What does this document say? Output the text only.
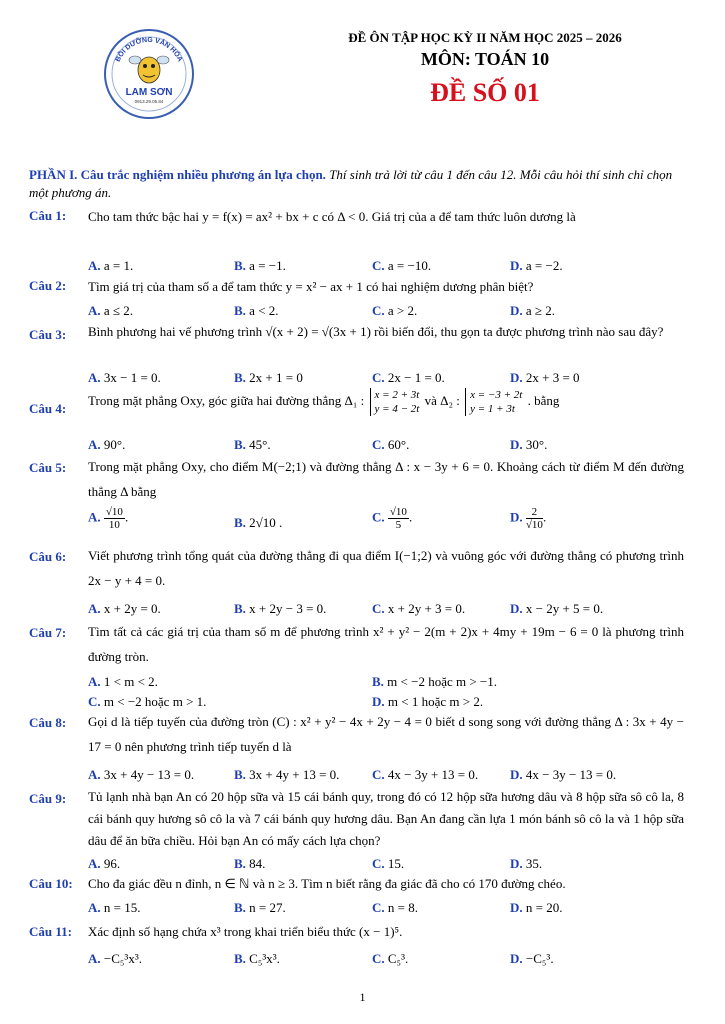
BỒI DƯỠNG VĂN HÓA
LAM SƠN
0913.29.05.84
ĐỀ ÔN TẬP HỌC KỲ II NĂM HỌC 2025 – 2026
MÔN: TOÁN 10
ĐỀ SỐ 01
PHẦN I. Câu trắc nghiệm nhiều phương án lựa chọn. Thí sinh trả lời từ câu 1 đến câu 12. Mỗi câu hỏi thí sinh chỉ chọn một phương án.
Câu 1: Cho tam thức bậc hai y = f(x) = ax² + bx + c có Δ < 0. Giá trị của a để tam thức luôn dương là
A. a = 1.	B. a = −1.	C. a = −10.	D. a = −2.
Câu 2: Tìm giá trị của tham số a để tam thức y = x² − ax + 1 có hai nghiệm dương phân biệt?
A. a ≤ 2.	B. a < 2.	C. a > 2.	D. a ≥ 2.
Câu 3: Bình phương hai vế phương trình √(x + 2) = √(3x + 1) rồi biến đổi, thu gọn ta được phương trình nào sau đây?
A. 3x − 1 = 0.	B. 2x + 1 = 0	C. 2x − 1 = 0.	D. 2x + 3 = 0
Câu 4:
Trong mặt phẳng Oxy, góc giữa hai đường thẳng Δ₁ : x = 2 + 3t
y = 4 − 2t
và Δ₂ : x = −3 + 2t
y = 1 + 3t
. bằng
A. 90°.	B. 45°.	C. 60°.	D. 30°.
Câu 5: Trong mặt phẳng Oxy, cho điểm M(−2;1) và đường thẳng Δ : x − 3y + 6 = 0. Khoảng cách từ điểm M đến đường thẳng Δ bằng
A. $\frac{√10}{10}$ .	B. 2√10 .	C. $\frac{√10}{5}$ .	D. $\frac{2}{√10}$ .
Câu 6: Viết phương trình tổng quát của đường thẳng đi qua điểm I(−1;2) và vuông góc với đường thẳng có phương trình 2x − y + 4 = 0.
A. x + 2y = 0.	B. x + 2y − 3 = 0.	C. x + 2y + 3 = 0.	D. x − 2y + 5 = 0.
Câu 7: Tìm tất cả các giá trị của tham số m để phương trình x² + y² − 2(m + 2)x + 4my + 19m − 6 = 0 là phương trình đường tròn.
A. 1 < m < 2.	B. m < −2 hoặc m > −1.
C. m < −2 hoặc m > 1.	D. m < 1 hoặc m > 2.
Câu 8: Gọi d là tiếp tuyến của đường tròn (C) : x² + y² − 4x + 2y − 4 = 0 biết d song song với đường thẳng Δ : 3x + 4y − 17 = 0 nên phương trình tiếp tuyến d là
A. 3x + 4y − 13 = 0.	B. 3x + 4y + 13 = 0.	C. 4x − 3y + 13 = 0. D. 4x − 3y − 13 = 0.
Câu 9: Tủ lạnh nhà bạn An có 20 hộp sữa và 15 cái bánh quy, trong đó có 12 hộp sữa hương dâu và 8 hộp sữa sô cô la, 8 cái bánh quy hương sô cô la và 7 cái bánh quy hương dâu. Bạn An đang cần lựa 1 món bánh sô cô la và 1 hộp sữa dâu để ăn bữa chiều. Hỏi bạn An có mấy cách lựa chọn?
A. 96.	B. 84.	C. 15.	D. 35.
Câu 10: Cho đa giác đều n đỉnh, n ∈ ℕ và n ≥ 3. Tìm n biết rằng đa giác đã cho có 170 đường chéo.
A. n = 15.	B. n = 27.	C. n = 8.	D. n = 20.
Câu 11: Xác định số hạng chứa x³ trong khai triển biểu thức (x − 1)⁵.
A. −C₅³x³.	B. C₅³x³.	C. C₅³.	D. −C₅³.
1
